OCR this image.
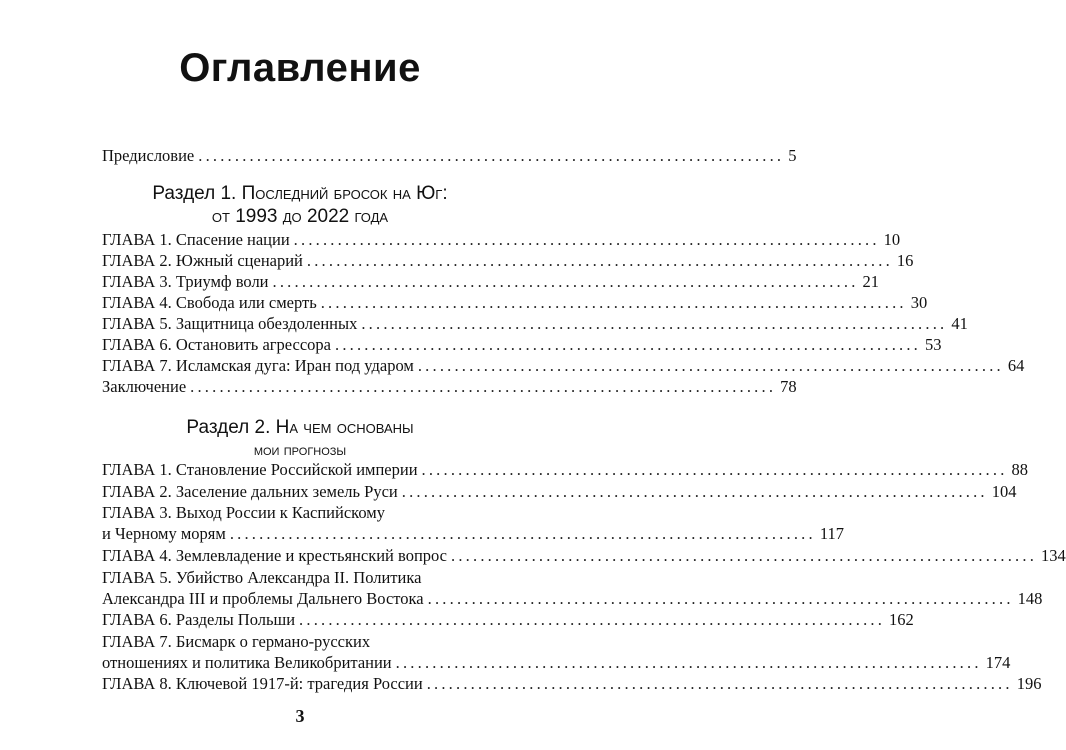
Оглавление
Предисловие ................................................................................ 5
Раздел 1. Последний бросок на Юг:
от 1993 до 2022 года
ГЛАВА 1. Спасение нации ................................................................................ 10
ГЛАВА 2. Южный сценарий ................................................................................ 16
ГЛАВА 3. Триумф воли ................................................................................ 21
ГЛАВА 4. Свобода или смерть ................................................................................ 30
ГЛАВА 5. Защитница обездоленных ................................................................................ 41
ГЛАВА 6. Остановить агрессора ................................................................................ 53
ГЛАВА 7. Исламская дуга: Иран под ударом ................................................................................ 64
Заключение ................................................................................ 78
Раздел 2. На чем основаны
мои прогнозы
ГЛАВА 1. Становление Российской империи ................................................................................ 88
ГЛАВА 2. Заселение дальних земель Руси ................................................................................ 104
ГЛАВА 3. Выход России к Каспийскому
и Черному морям ................................................................................ 117
ГЛАВА 4. Землевладение и крестьянский вопрос ................................................................................ 134
ГЛАВА 5. Убийство Александра II. Политика
Александра III и проблемы Дальнего Востока ................................................................................ 148
ГЛАВА 6. Разделы Польши ................................................................................ 162
ГЛАВА 7. Бисмарк о германо-русских
отношениях и политика Великобритании ................................................................................ 174
ГЛАВА 8. Ключевой 1917-й: трагедия России ................................................................................ 196
3
